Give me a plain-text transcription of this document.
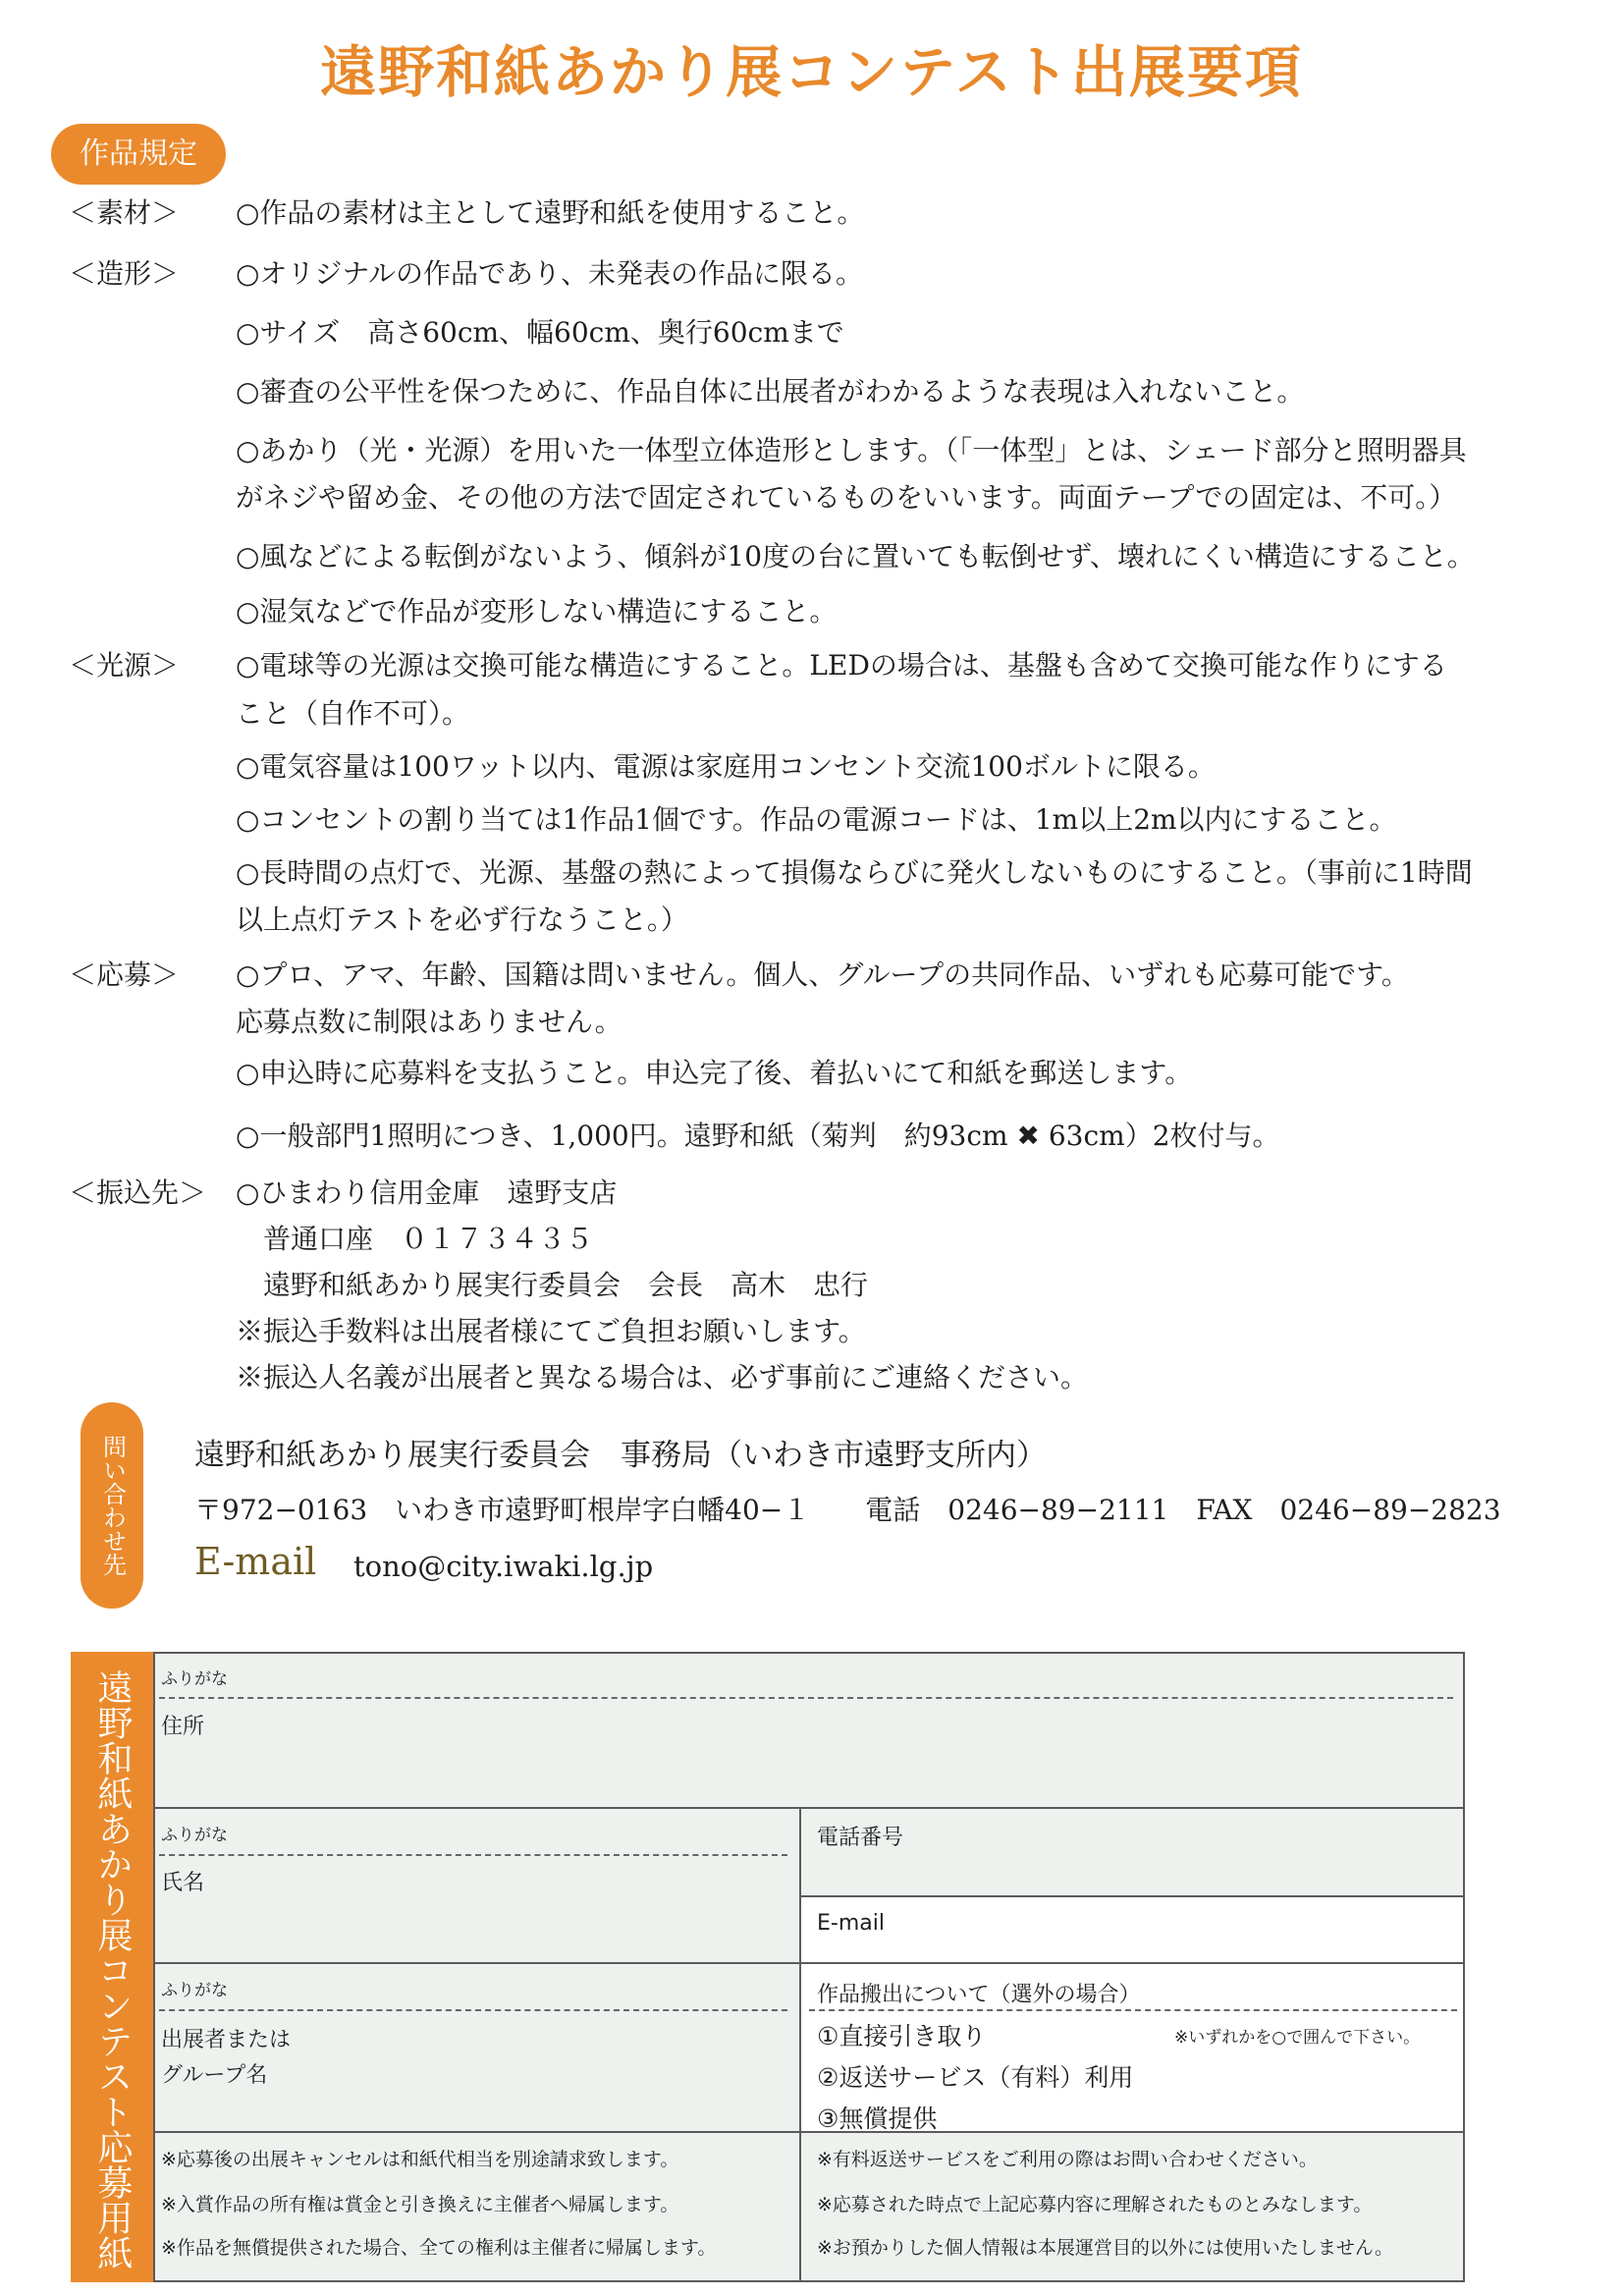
遠野和紙あかり展コンテスト出展要項
作品規定
＜素材＞
＜造形＞
＜光源＞
＜応募＞
＜振込先＞
○作品の素材は主として遠野和紙を使用すること。
○オリジナルの作品であり、未発表の作品に限る。
○サイズ　高さ60cm、幅60cm、奥行60cmまで
○審査の公平性を保つために、作品自体に出展者がわかるような表現は入れないこと。
○あかり（光・光源）を用いた一体型立体造形とします。（「一体型」とは、シェード部分と照明器具
がネジや留め金、その他の方法で固定されているものをいいます。両面テープでの固定は、不可。）
○風などによる転倒がないよう、傾斜が10度の台に置いても転倒せず、壊れにくい構造にすること。
○湿気などで作品が変形しない構造にすること。
○電球等の光源は交換可能な構造にすること。LEDの場合は、基盤も含めて交換可能な作りにする
こと（自作不可）。
○電気容量は100ワット以内、電源は家庭用コンセント交流100ボルトに限る。
○コンセントの割り当ては1作品1個です。作品の電源コードは、1m以上2m以内にすること。
○長時間の点灯で、光源、基盤の熱によって損傷ならびに発火しないものにすること。（事前に1時間
以上点灯テストを必ず行なうこと。）
○プロ、アマ、年齢、国籍は問いません。個人、グループの共同作品、いずれも応募可能です。
応募点数に制限はありません。
○申込時に応募料を支払うこと。申込完了後、着払いにて和紙を郵送します。
○一般部門1照明につき、1,000円。遠野和紙（菊判　約93cm ✖ 63cm）2枚付与。
○ひまわり信用金庫　遠野支店
　普通口座　０１７３４３５
　遠野和紙あかり展実行委員会　会長　高木　忠行
※振込手数料は出展者様にてご負担お願いします。
※振込人名義が出展者と異なる場合は、必ず事前にご連絡ください。
問い合わせ先	遠野和紙あかり展実行委員会　事務局（いわき市遠野支所内）
〒972−0163　いわき市遠野町根岸字白幡40−１　　電話　0246−89−2111　FAX　0246−89−2823
E-mail tono@city.iwaki.lg.jp
遠野和紙あかり展コンテスト応募用紙	ふりがな
住所
ふりがな
氏名
電話番号
E-mail
ふりがな
出展者または
グループ名
作品搬出について（選外の場合）
※いずれかを○で囲んで下さい。
①直接引き取り
②返送サービス（有料）利用
③無償提供
※応募後の出展キャンセルは和紙代相当を別途請求致します。
※入賞作品の所有権は賞金と引き換えに主催者へ帰属します。
※作品を無償提供された場合、全ての権利は主催者に帰属します。
※有料返送サービスをご利用の際はお問い合わせください。
※応募された時点で上記応募内容に理解されたものとみなします。
※お預かりした個人情報は本展運営目的以外には使用いたしません。
